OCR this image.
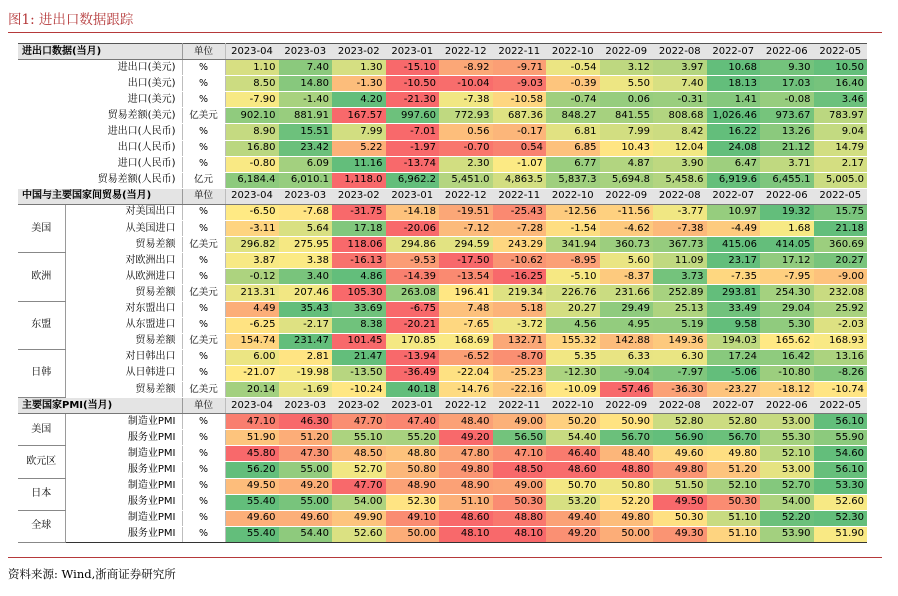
图1: 进出口数据跟踪
进出口数据(当月)		单位	2023-04	2023-03	2023-02	2023-01	2022-12	2022-11	2022-10	2022-09	2022-08	2022-07	2022-06	2022-05
进出口(美元)		%	1.10	7.40	1.30	-15.10	-8.92	-9.71	-0.54	3.12	3.97	10.68	9.30	10.50
出口(美元)		%	8.50	14.80	-1.30	-10.50	-10.04	-9.03	-0.39	5.50	7.40	18.13	17.03	16.40
进口(美元)		%	-7.90	-1.40	4.20	-21.30	-7.38	-10.58	-0.74	0.06	-0.31	1.41	-0.08	3.46
贸易差额(美元)		亿美元	902.10	881.91	167.57	997.60	772.93	687.36	848.27	841.55	808.68	1,026.46	973.67	783.97
进出口(人民币)		%	8.90	15.51	7.99	-7.01	0.56	-0.17	6.81	7.99	8.42	16.22	13.26	9.04
出口(人民币)		%	16.80	23.42	5.22	-1.97	-0.70	0.54	6.85	10.43	12.04	24.08	21.12	14.79
进口(人民币)		%	-0.80	6.09	11.16	-13.74	2.30	-1.07	6.77	4.87	3.90	6.47	3.71	2.17
贸易差额(人民币)		亿元	6,184.4	6,010.1	1,118.0	6,962.2	5,451.0	4,863.5	5,837.3	5,694.8	5,458.6	6,919.6	6,455.1	5,005.0
中国与主要国家间贸易(当月)		单位	2023-04	2023-03	2023-02	2023-01	2022-12	2022-11	2022-10	2022-09	2022-08	2022-07	2022-06	2022-05
美国	对美国出口	%	-6.50	-7.68	-31.75	-14.18	-19.51	-25.43	-12.56	-11.56	-3.77	10.97	19.32	15.75
	从美国进口	%	-3.11	5.64	17.18	-20.06	-7.12	-7.28	-1.54	-4.62	-7.38	-4.49	1.68	21.18
	贸易差额	亿美元	296.82	275.95	118.06	294.86	294.59	243.29	341.94	360.73	367.73	415.06	414.05	360.69
欧洲	对欧洲出口	%	3.87	3.38	-16.13	-9.53	-17.50	-10.62	-8.95	5.60	11.09	23.17	17.12	20.27
	从欧洲进口	%	-0.12	3.40	4.86	-14.39	-13.54	-16.25	-5.10	-8.37	3.73	-7.35	-7.95	-9.00
	贸易差额	亿美元	213.31	207.46	105.30	263.08	196.41	219.34	226.76	231.66	252.89	293.81	254.30	232.08
东盟	对东盟出口	%	4.49	35.43	33.69	-6.75	7.48	5.18	20.27	29.49	25.13	33.49	29.04	25.92
	从东盟进口	%	-6.25	-2.17	8.38	-20.21	-7.65	-3.72	4.56	4.95	5.19	9.58	5.30	-2.03
	贸易差额	亿美元	154.74	231.47	101.45	170.85	168.69	132.71	155.32	142.88	149.36	194.03	165.62	168.93
日韩	对日韩出口	%	6.00	2.81	21.47	-13.94	-6.52	-8.70	5.35	6.33	6.30	17.24	16.42	13.16
	从日韩进口	%	-21.07	-19.98	-13.50	-36.49	-22.04	-25.23	-12.30	-9.04	-7.97	-5.06	-10.80	-8.26
	贸易差额	亿美元	20.14	-1.69	-10.24	40.18	-14.76	-22.16	-10.09	-57.46	-36.30	-23.27	-18.12	-10.74
主要国家PMI(当月)		单位	2023-04	2023-03	2023-02	2023-01	2022-12	2022-11	2022-10	2022-09	2022-08	2022-07	2022-06	2022-05
美国	制造业PMI	%	47.10	46.30	47.70	47.40	48.40	49.00	50.20	50.90	52.80	52.80	53.00	56.10
	服务业PMI	%	51.90	51.20	55.10	55.20	49.20	56.50	54.40	56.70	56.90	56.70	55.30	55.90
欧元区	制造业PMI	%	45.80	47.30	48.50	48.80	47.80	47.10	46.40	48.40	49.60	49.80	52.10	54.60
	服务业PMI	%	56.20	55.00	52.70	50.80	49.80	48.50	48.60	48.80	49.80	51.20	53.00	56.10
日本	制造业PMI	%	49.50	49.20	47.70	48.90	48.90	49.00	50.70	50.80	51.50	52.10	52.70	53.30
	服务业PMI	%	55.40	55.00	54.00	52.30	51.10	50.30	53.20	52.20	49.50	50.30	54.00	52.60
全球	制造业PMI	%	49.60	49.60	49.90	49.10	48.60	48.80	49.40	49.80	50.30	51.10	52.20	52.30
	服务业PMI	%	55.40	54.40	52.60	50.00	48.10	48.10	49.20	50.00	49.30	51.10	53.90	51.90
资料来源: Wind,浙商证券研究所
